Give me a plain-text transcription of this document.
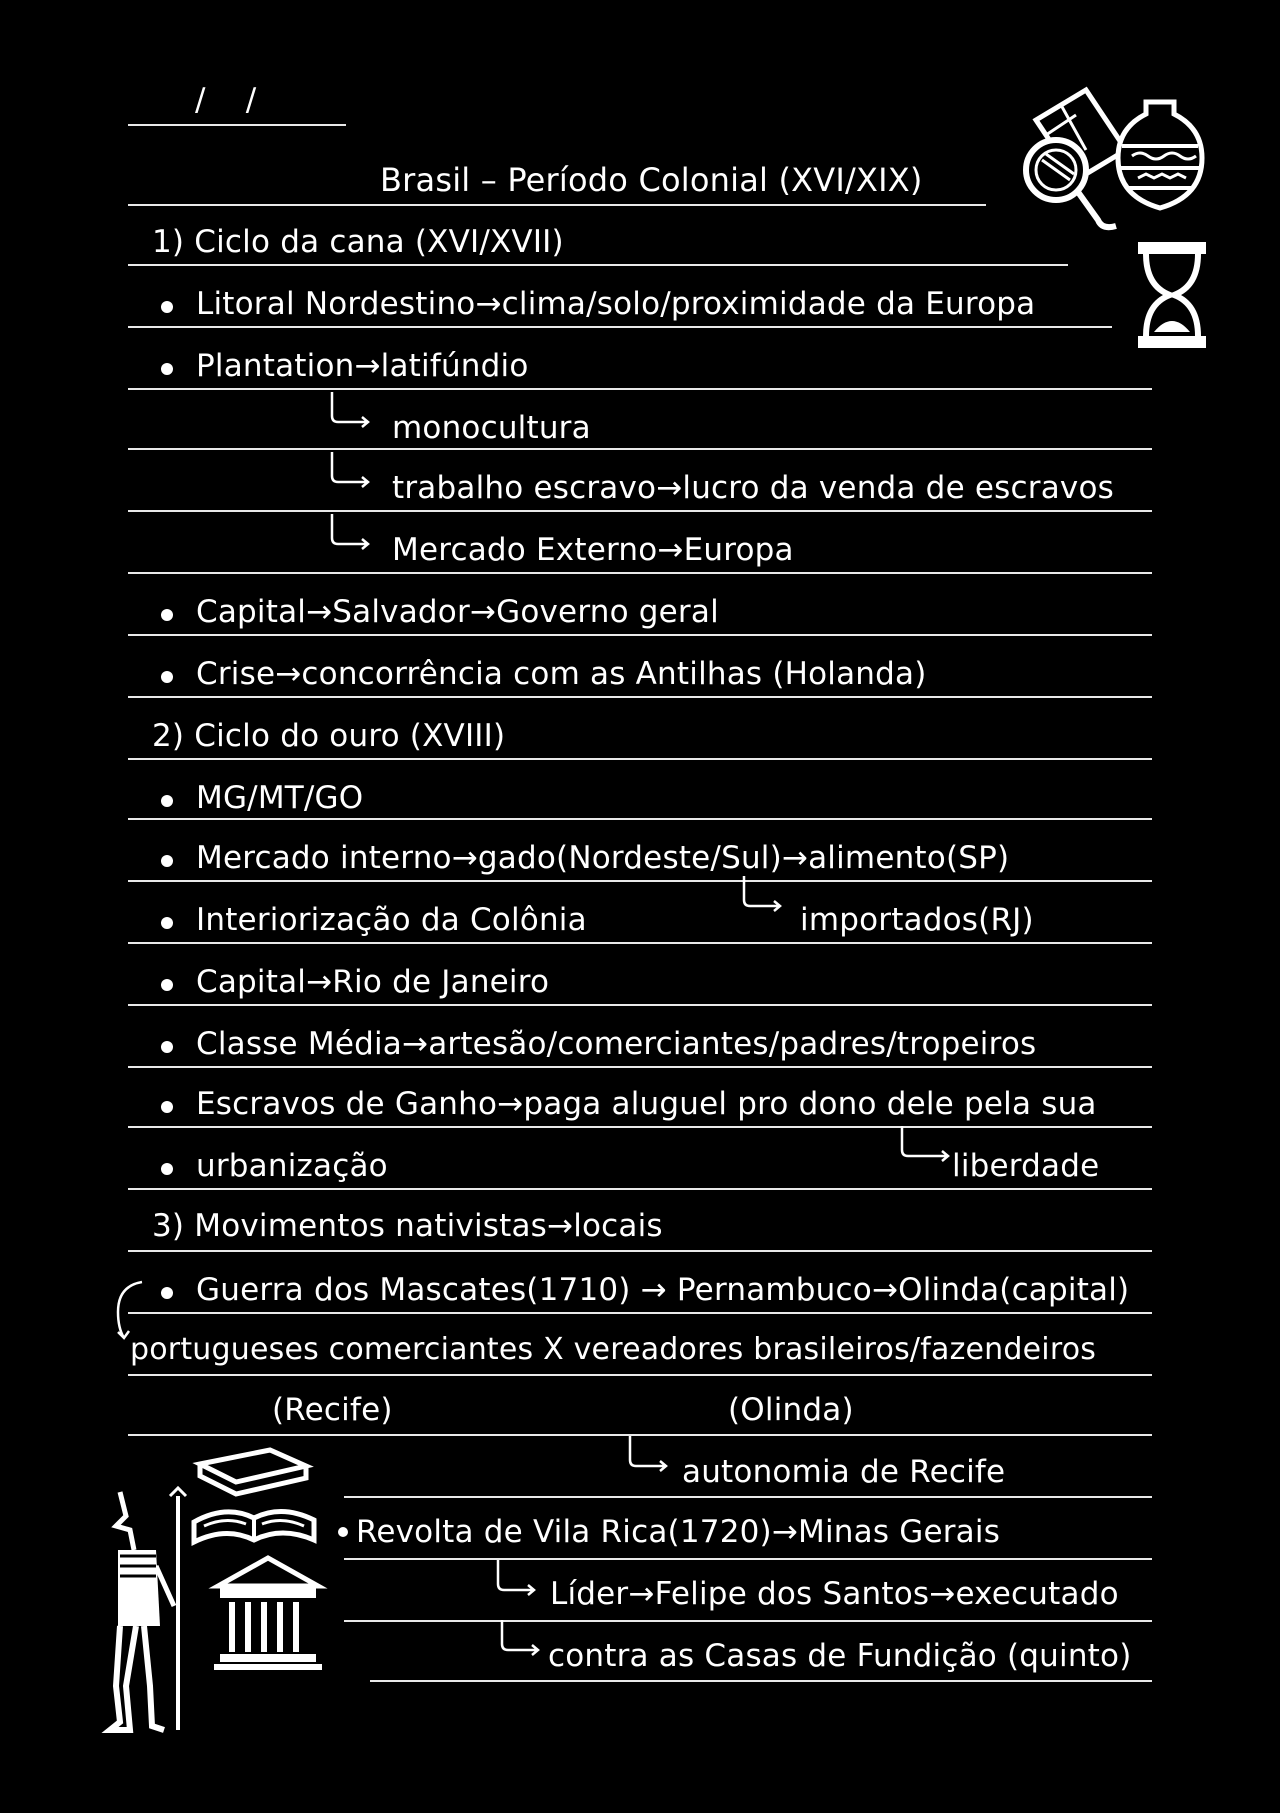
/ /
Brasil – Período Colonial (XVI/XIX)
1) Ciclo da cana (XVI/XVII)
Litoral Nordestino→clima/solo/proximidade da Europa
Plantation→latifúndio
monocultura
trabalho escravo→lucro da venda de escravos
Mercado Externo→Europa
Capital→Salvador→Governo geral
Crise→concorrência com as Antilhas (Holanda)
2) Ciclo do ouro (XVIII)
MG/MT/GO
Mercado interno→gado(Nordeste/Sul)→alimento(SP)
Interiorização da Colônia	importados(RJ)
Capital→Rio de Janeiro
Classe Média→artesão/comerciantes/padres/tropeiros
Escravos de Ganho→paga aluguel pro dono dele pela sua
urbanização	liberdade
3) Movimentos nativistas→locais
Guerra dos Mascates(1710) → Pernambuco→Olinda(capital)
portugueses comerciantes X vereadores brasileiros/fazendeiros
(Recife)	(Olinda)
autonomia de Recife
Revolta de Vila Rica(1720)→Minas Gerais
Líder→Felipe dos Santos→executado
contra as Casas de Fundição (quinto)
